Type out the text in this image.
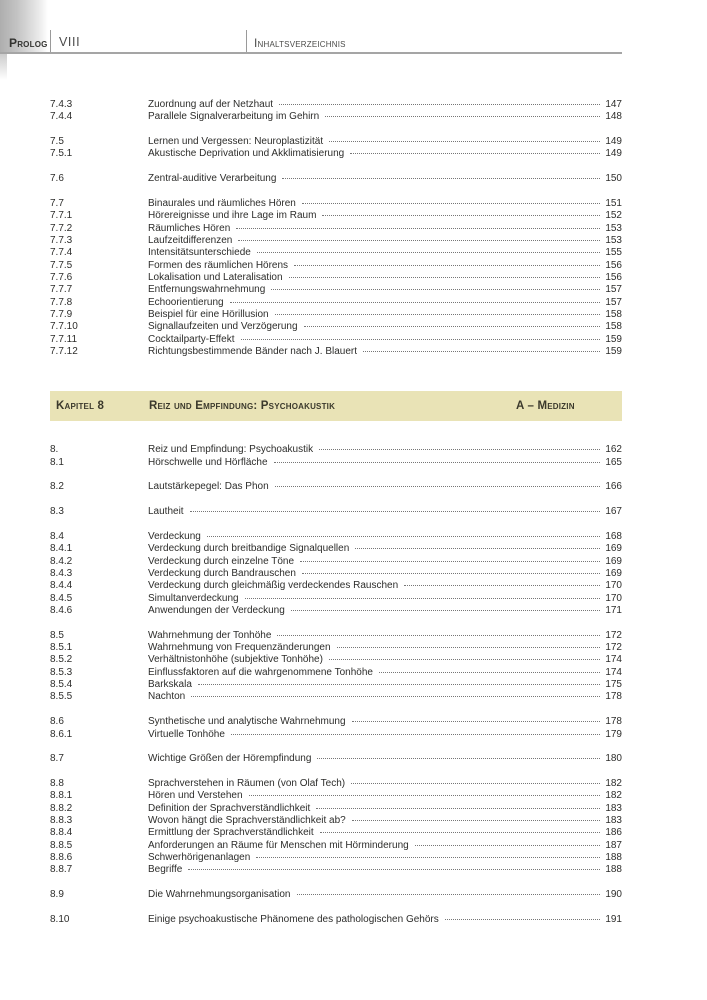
Prolog VIII	Inhaltsverzeichnis
7.4.3	Zuordnung auf der Netzhaut	147
7.4.4	Parallele Signalverarbeitung im Gehirn	148
7.5	Lernen und Vergessen: Neuroplastizität	149
7.5.1	Akustische Deprivation und Akklimatisierung	149
7.6	Zentral-auditive Verarbeitung	150
7.7	Binaurales und räumliches Hören	151
7.7.1	Hörereignisse und ihre Lage im Raum	152
7.7.2	Räumliches Hören	153
7.7.3	Laufzeitdifferenzen	153
7.7.4	Intensitätsunterschiede	155
7.7.5	Formen des räumlichen Hörens	156
7.7.6	Lokalisation und Lateralisation	156
7.7.7	Entfernungswahrnehmung	157
7.7.8	Echoorientierung	157
7.7.9	Beispiel für eine Hörillusion	158
7.7.10	Signallaufzeiten und Verzögerung	158
7.7.11	Cocktailparty-Effekt	159
7.7.12	Richtungsbestimmende Bänder nach J. Blauert	159
Kapitel 8	Reiz und Empfindung: Psychoakustik	A – Medizin
8.	Reiz und Empfindung: Psychoakustik	162
8.1	Hörschwelle und Hörfläche	165
8.2	Lautstärkepegel: Das Phon	166
8.3	Lautheit	167
8.4	Verdeckung	168
8.4.1	Verdeckung durch breitbandige Signalquellen	169
8.4.2	Verdeckung durch einzelne Töne	169
8.4.3	Verdeckung durch Bandrauschen	169
8.4.4	Verdeckung durch gleichmäßig verdeckendes Rauschen	170
8.4.5	Simultanverdeckung	170
8.4.6	Anwendungen der Verdeckung	171
8.5	Wahrnehmung der Tonhöhe	172
8.5.1	Wahrnehmung von Frequenzänderungen	172
8.5.2	Verhältnistonhöhe (subjektive Tonhöhe)	174
8.5.3	Einflussfaktoren auf die wahrgenommene Tonhöhe	174
8.5.4	Barkskala	175
8.5.5	Nachton	178
8.6	Synthetische und analytische Wahrnehmung	178
8.6.1	Virtuelle Tonhöhe	179
8.7	Wichtige Größen der Hörempfindung	180
8.8	Sprachverstehen in Räumen (von Olaf Tech)	182
8.8.1	Hören und Verstehen	182
8.8.2	Definition der Sprachverständlichkeit	183
8.8.3	Wovon hängt die Sprachverständlichkeit ab?	183
8.8.4	Ermittlung der Sprachverständlichkeit	186
8.8.5	Anforderungen an Räume für Menschen mit Hörminderung	187
8.8.6	Schwerhörigenanlagen	188
8.8.7	Begriffe	188
8.9	Die Wahrnehmungsorganisation	190
8.10	Einige psychoakustische Phänomene des pathologischen Gehörs	191
